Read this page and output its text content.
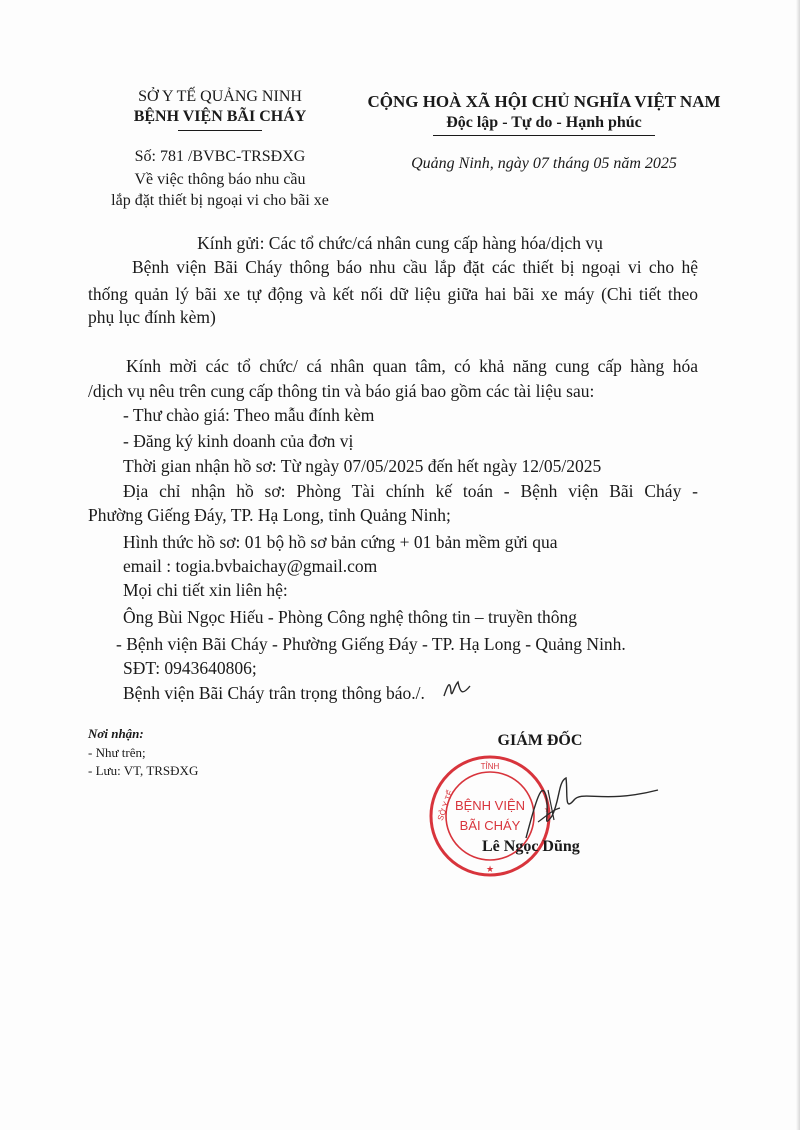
SỞ Y TẾ QUẢNG NINH
BỆNH VIỆN BÃI CHÁY
Số: 781 /BVBC-TRSĐXG
Về việc thông báo nhu cầu
lắp đặt thiết bị ngoại vi cho bãi xe
CỘNG HOÀ XÃ HỘI CHỦ NGHĨA VIỆT NAM
Độc lập - Tự do - Hạnh phúc
Quảng Ninh, ngày 07 tháng 05 năm 2025
Kính gửi: Các tổ chức/cá nhân cung cấp hàng hóa/dịch vụ
Bệnh viện Bãi Cháy thông báo nhu cầu lắp đặt các thiết bị ngoại vi cho hệ
thống quản lý bãi xe tự động và kết nối dữ liệu giữa hai bãi xe máy (Chi tiết theo
phụ lục đính kèm)
Kính mời các tổ chức/ cá nhân quan tâm, có khả năng cung cấp hàng hóa
/dịch vụ nêu trên cung cấp thông tin và báo giá bao gồm các tài liệu sau:
- Thư chào giá: Theo mẫu đính kèm
- Đăng ký kinh doanh của đơn vị
Thời gian nhận hồ sơ: Từ ngày 07/05/2025 đến hết ngày 12/05/2025
Địa chỉ nhận hồ sơ: Phòng Tài chính kế toán - Bệnh viện Bãi Cháy -
Phường Giếng Đáy, TP. Hạ Long, tỉnh Quảng Ninh;
Hình thức hồ sơ: 01 bộ hồ sơ bản cứng + 01 bản mềm gửi qua
email : togia.bvbaichay@gmail.com
Mọi chi tiết xin liên hệ:
Ông Bùi Ngọc Hiếu - Phòng Công nghệ thông tin – truyền thông
- Bệnh viện Bãi Cháy - Phường Giếng Đáy - TP. Hạ Long - Quảng Ninh.
SĐT: 0943640806;
Bệnh viện Bãi Cháy trân trọng thông báo./.
Nơi nhận:
- Như trên;
- Lưu: VT, TRSĐXG
GIÁM ĐỐC
TỈNH
SỞ Y TẾ	★
★
BỆNH VIỆN
BÃI CHÁY
Lê Ngọc Dũng
